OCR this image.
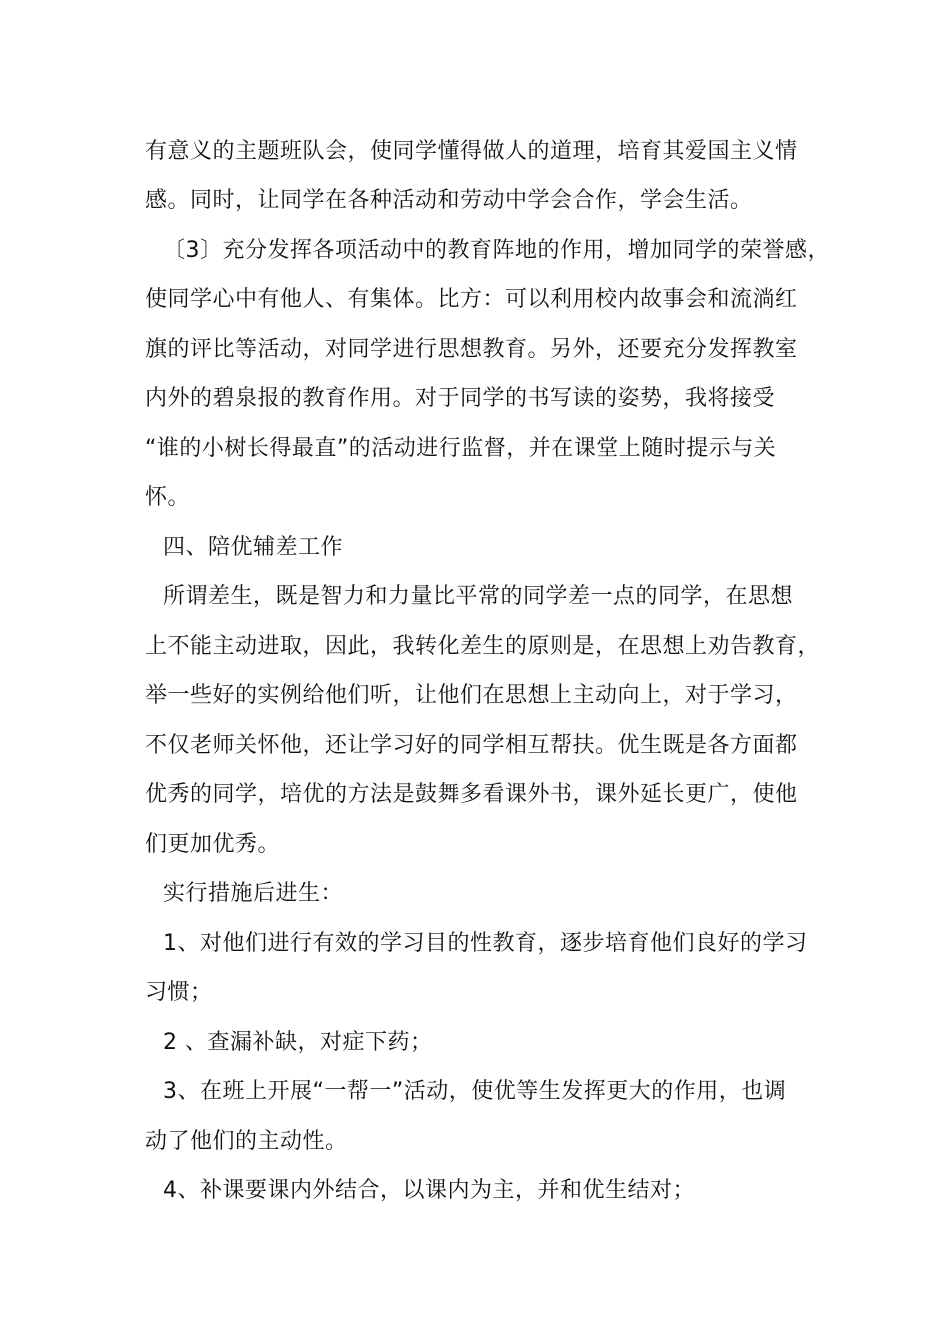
有意义的主题班队会，使同学懂得做人的道理，培育其爱国主义情
感。同时，让同学在各种活动和劳动中学会合作，学会生活。
〔3〕充分发挥各项活动中的教育阵地的作用，增加同学的荣誉感，
使同学心中有他人、有集体。比方：可以利用校内故事会和流淌红
旗的评比等活动，对同学进行思想教育。另外，还要充分发挥教室
内外的碧泉报的教育作用。对于同学的书写读的姿势，我将接受
“谁的小树长得最直”的活动进行监督，并在课堂上随时提示与关
怀。
四、陪优辅差工作
所谓差生，既是智力和力量比平常的同学差一点的同学，在思想
上不能主动进取，因此，我转化差生的原则是，在思想上劝告教育，
举一些好的实例给他们听，让他们在思想上主动向上，对于学习，
不仅老师关怀他，还让学习好的同学相互帮扶。优生既是各方面都
优秀的同学，培优的方法是鼓舞多看课外书，课外延长更广，使他
们更加优秀。
实行措施后进生：
1、对他们进行有效的学习目的性教育，逐步培育他们良好的学习
习惯；
2 、查漏补缺，对症下药；
3、在班上开展“一帮一”活动，使优等生发挥更大的作用，也调
动了他们的主动性。
4、补课要课内外结合，以课内为主，并和优生结对；
